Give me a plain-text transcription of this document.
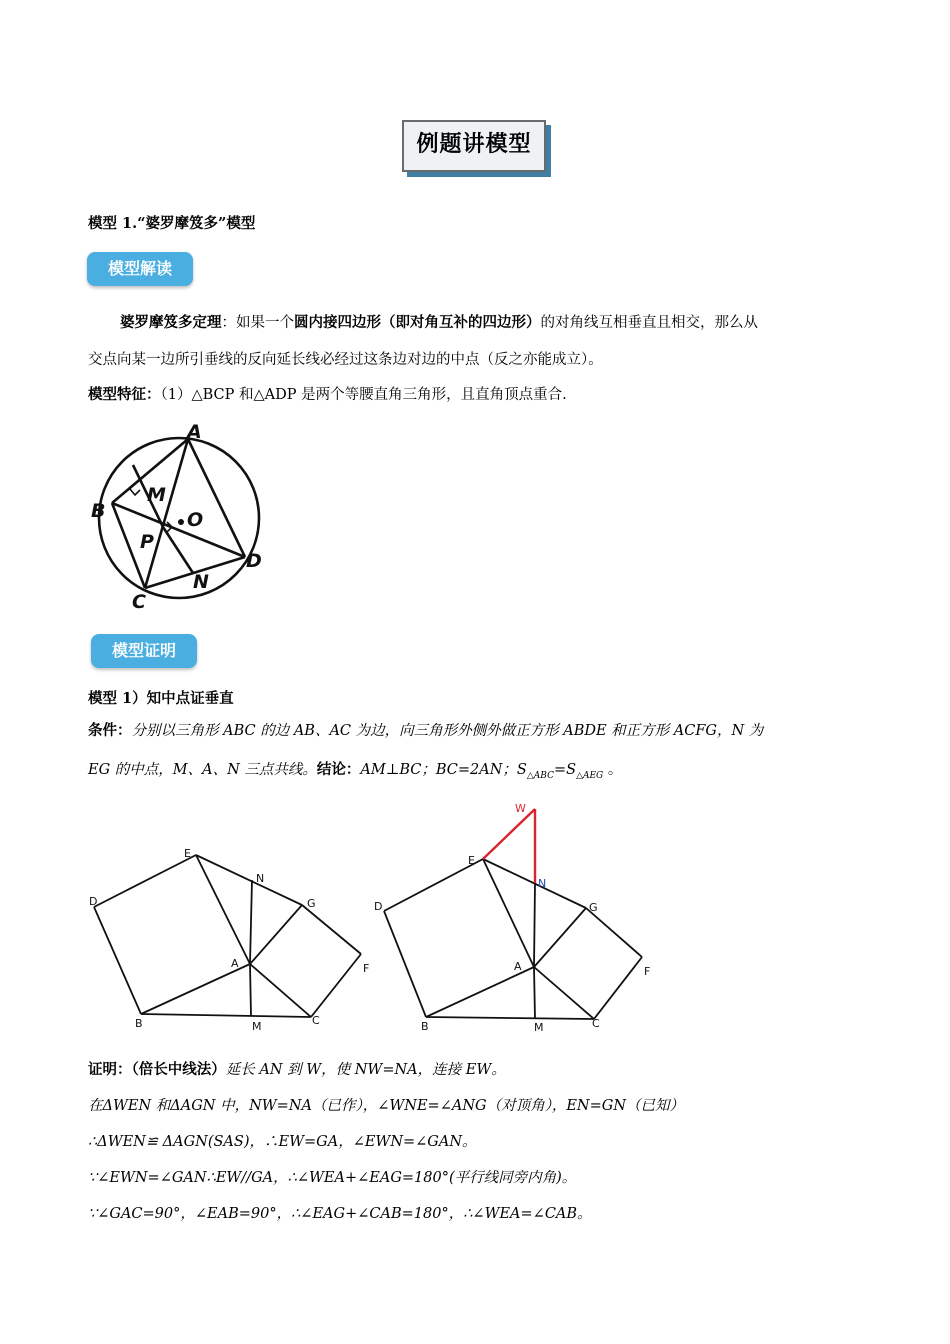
例题讲模型
模型 1.“婆罗摩笈多”模型
模型解读
婆罗摩笈多定理：如果一个圆内接四边形（即对角互补的四边形）的对角线互相垂直且相交，那么从
交点向某一边所引垂线的反向延长线必经过这条边对边的中点（反之亦能成立）。
模型特征：（1）△BCP 和△ADP 是两个等腰直角三角形，且直角顶点重合.
A
B
C
D
M
N
O
P
模型证明
模型 1）知中点证垂直
条件：分别以三角形 ABC 的边 AB、AC 为边，向三角形外侧外做正方形 ABDE 和正方形 ACFG，N 为
EG 的中点，M、A、N 三点共线。结论：AM⊥BC；BC=2AN；$S_{\triangle ABC}=S_{\triangle AEG}$ 。
D
E
N
G
A	F
B	M	C
W
D
E
N
G
A	F
B	M	C
证明：（倍长中线法）延长 AN 到 W，使 NW=NA，连接 EW。
在ΔWEN 和ΔAGN 中，NW=NA（已作），∠WNE=∠ANG（对顶角），EN=GN（已知）
∴ΔWEN≌ ΔAGN(SAS)，∴EW=GA，∠EWN=∠GAN。
∵∠EWN=∠GAN∴EW//GA，∴∠WEA+∠EAG=180°(平行线同旁内角)。
∵∠GAC=90°，∠EAB=90°，∴∠EAG+∠CAB=180°，∴∠WEA=∠CAB。
